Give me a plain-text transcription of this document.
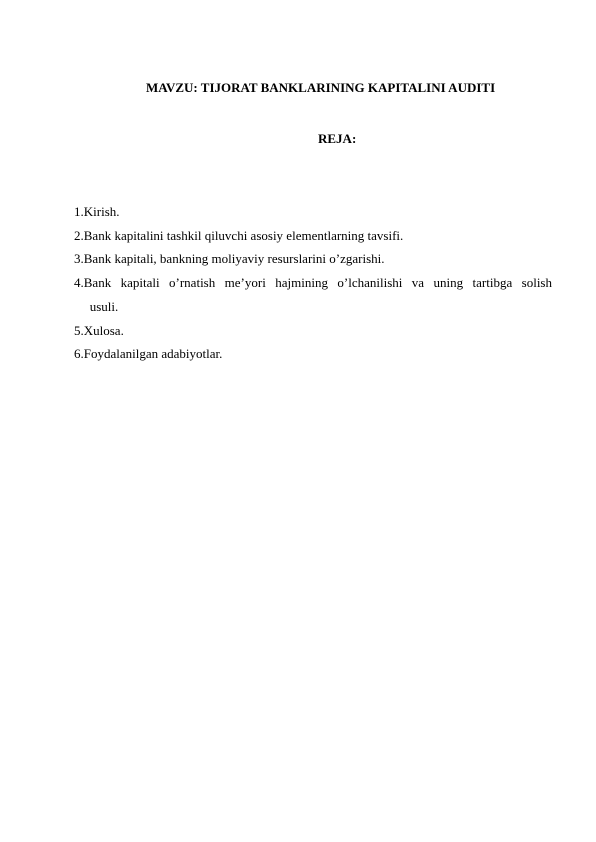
MAVZU: TIJORAT BANKLARINING KAPITALINI AUDITI
REJA:
1. Kirish.
2. Bank kapitalini tashkil qiluvchi asosiy elementlarning tavsifi.
3. Bank kapitali, bankning moliyaviy resurslarini o’zgarishi.
4. Bank kapitali o’rnatish me’yori hajmining o’lchanilishi va uning tartibga solish
usuli.
5. Xulosa.
6. Foydalanilgan adabiyotlar.
